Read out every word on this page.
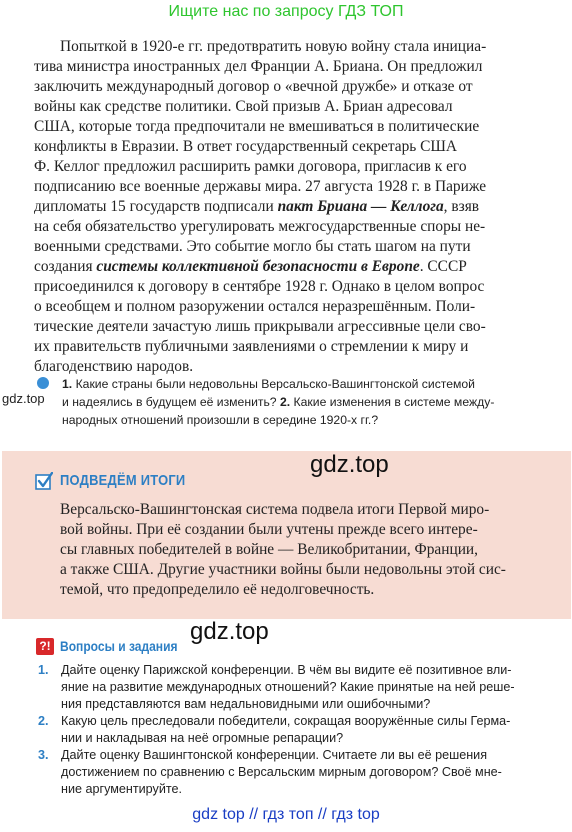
Ищите нас по запросу ГДЗ ТОП
Попыткой в 1920-е гг. предотвратить новую войну стала инициа-
тива министра иностранных дел Франции А. Бриана. Он предложил
заключить международный договор о «вечной дружбе» и отказе от
войны как средстве политики. Свой призыв А. Бриан адресовал
США, которые тогда предпочитали не вмешиваться в политические
конфликты в Евразии. В ответ государственный секретарь США
Ф. Келлог предложил расширить рамки договора, пригласив к его
подписанию все военные державы мира. 27 августа 1928 г. в Париже
дипломаты 15 государств подписали пакт Бриана — Келлога, взяв
на себя обязательство урегулировать межгосударственные споры не-
военными средствами. Это событие могло бы стать шагом на пути
создания системы коллективной безопасности в Европе. СССР
присоединился к договору в сентябре 1928 г. Однако в целом вопрос
о всеобщем и полном разоружении остался неразрешённым. Поли-
тические деятели зачастую лишь прикрывали агрессивные цели сво-
их правительств публичными заявлениями о стремлении к миру и
благоденствию народов.
gdz.top
1. Какие страны были недовольны Версальско-Вашингтонской системой
и надеялись в будущем её изменить? 2. Какие изменения в системе между-
народных отношений произошли в середине 1920-х гг.?
gdz.top
ПОДВЕДЁМ ИТОГИ
Версальско-Вашингтонская система подвела итоги Первой миро-
вой войны. При её создании были учтены прежде всего интере-
сы главных победителей в войне — Великобритании, Франции,
а также США. Другие участники войны были недовольны этой сис-
темой, что предопределило её недолговечность.
gdz.top
?! Вопросы и задания
1. Дайте оценку Парижской конференции. В чём вы видите её позитивное вли-
яние на развитие международных отношений? Какие принятые на ней реше-
ния представляются вам недальновидными или ошибочными?
2. Какую цель преследовали победители, сокращая вооружённые силы Герма-
нии и накладывая на неё огромные репарации?
3. Дайте оценку Вашингтонской конференции. Считаете ли вы её решения
достижением по сравнению с Версальским мирным договором? Своё мне-
ние аргументируйте.
gdz top // гдз топ // гдз top
